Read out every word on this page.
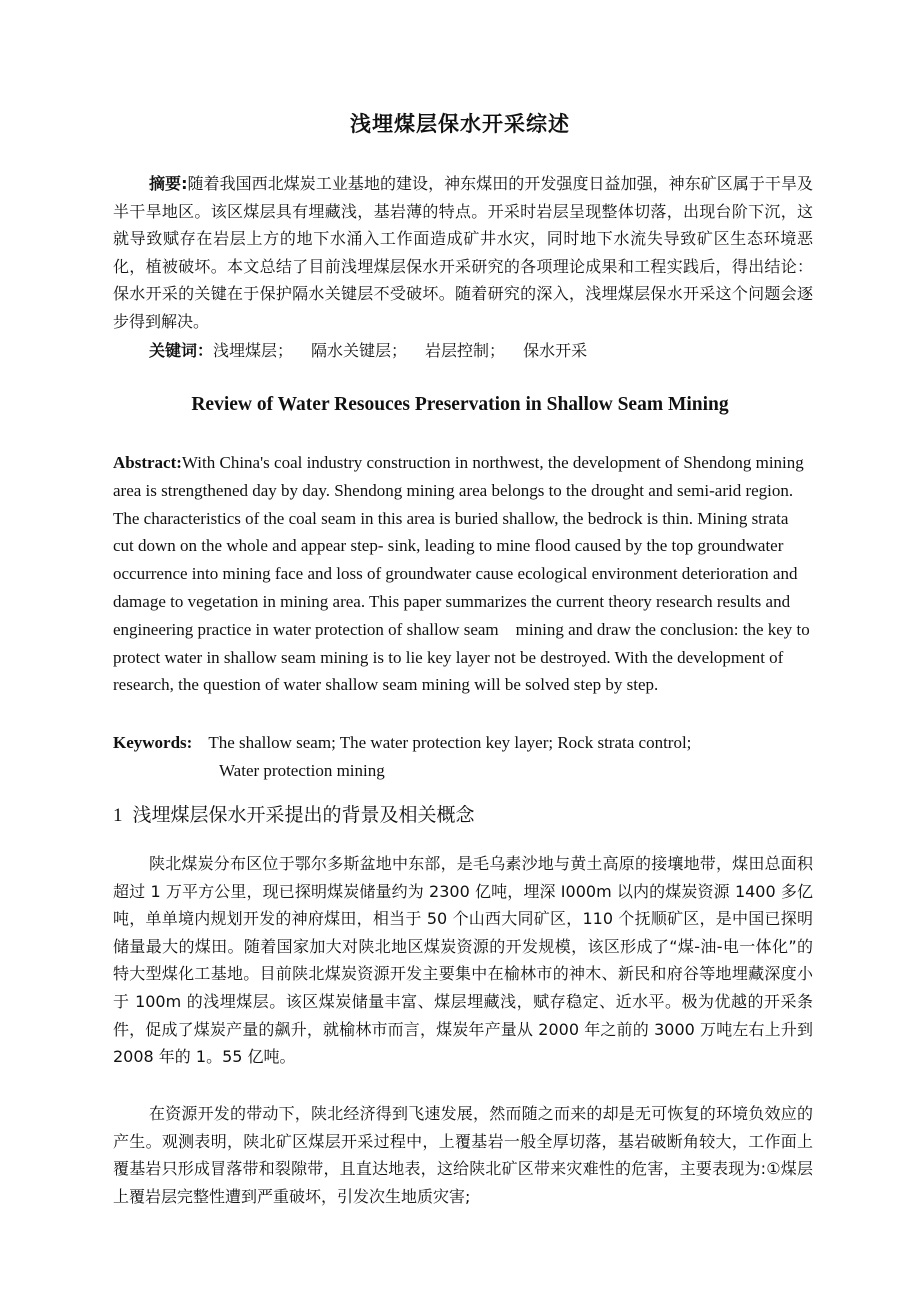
浅埋煤层保水开采综述
摘要:随着我国西北煤炭工业基地的建设，神东煤田的开发强度日益加强，神东矿区属于干旱及半干旱地区。该区煤层具有埋藏浅，基岩薄的特点。开采时岩层呈现整体切落，出现台阶下沉，这就导致赋存在岩层上方的地下水涌入工作面造成矿井水灾，同时地下水流失导致矿区生态环境恶化，植被破坏。本文总结了目前浅埋煤层保水开采研究的各项理论成果和工程实践后，得出结论：保水开采的关键在于保护隔水关键层不受破坏。随着研究的深入，浅埋煤层保水开采这个问题会逐步得到解决。
关键词：浅埋煤层； 隔水关键层； 岩层控制； 保水开采
Review of Water Resouces Preservation in Shallow Seam Mining
Abstract:With China's coal industry construction in northwest, the development of Shendong mining area is strengthened day by day. Shendong mining area belongs to the drought and semi-arid region. The characteristics of the coal seam in this area is buried shallow, the bedrock is thin. Mining strata cut down on the whole and appear step- sink, leading to mine flood caused by the top groundwater occurrence into mining face and loss of groundwater cause ecological environment deterioration and damage to vegetation in mining area. This paper summarizes the current theory research results and engineering practice in water protection of shallow seam    mining and draw the conclusion: the key to protect water in shallow seam mining is to lie key layer not be destroyed. With the development of research, the question of water shallow seam mining will be solved step by step.
Keywords: The shallow seam; The water protection key layer; Rock strata control;
Water protection mining
1 浅埋煤层保水开采提出的背景及相关概念

陕北煤炭分布区位于鄂尔多斯盆地中东部，是毛乌素沙地与黄土高原的接壤地带，煤田总面积超过 1 万平方公里，现已探明煤炭储量约为 2300 亿吨，埋深 I000m 以内的煤炭资源 1400 多亿吨，单单境内规划开发的神府煤田，相当于 50 个山西大同矿区，110 个抚顺矿区，是中国已探明储量最大的煤田。随着国家加大对陕北地区煤炭资源的开发规模，该区形成了“煤-油-电一体化”的特大型煤化工基地。目前陕北煤炭资源开发主要集中在榆林市的神木、新民和府谷等地埋藏深度小于 100m 的浅埋煤层。该区煤炭储量丰富、煤层埋藏浅，赋存稳定、近水平。极为优越的开采条件，促成了煤炭产量的飙升，就榆林市而言，煤炭年产量从 2000 年之前的 3000 万吨左右上升到 2008 年的 1。55 亿吨。

在资源开发的带动下，陕北经济得到飞速发展，然而随之而来的却是无可恢复的环境负效应的产生。观测表明，陕北矿区煤层开采过程中，上覆基岩一般全厚切落，基岩破断角较大，工作面上覆基岩只形成冒落带和裂隙带，且直达地表，这给陕北矿区带来灾难性的危害，主要表现为:①煤层上覆岩层完整性遭到严重破坏，引发次生地质灾害;
